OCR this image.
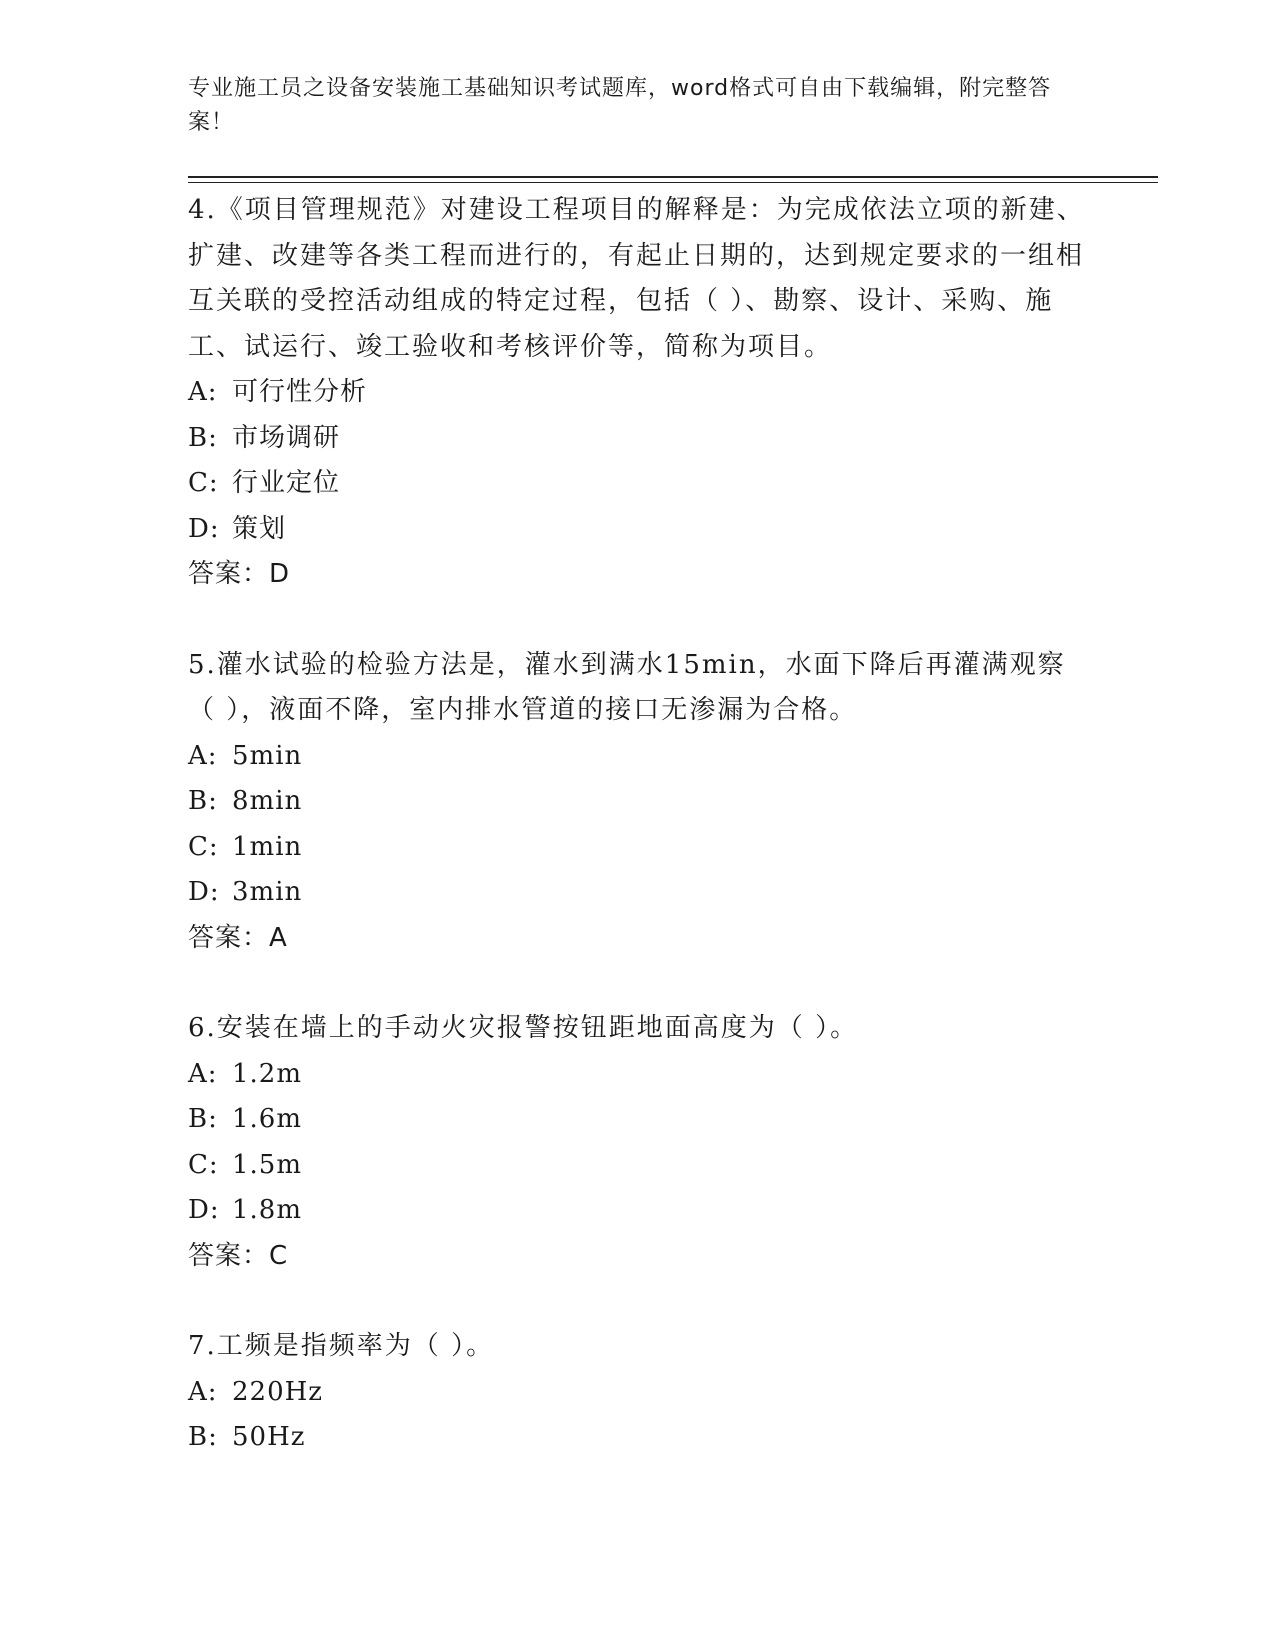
专业施工员之设备安装施工基础知识考试题库，word格式可自由下载编辑，附完整答案！

4.《项目管理规范》对建设工程项目的解释是：为完成依法立项的新建、扩建、改建等各类工程而进行的，有起止日期的，达到规定要求的一组相互关联的受控活动组成的特定过程，包括（ ）、勘察、设计、采购、施工、试运行、竣工验收和考核评价等，简称为项目。

A: 可行性分析

B: 市场调研

C: 行业定位

D: 策划

答案：D

5.灌水试验的检验方法是，灌水到满水15min，水面下降后再灌满观察（ ），液面不降，室内排水管道的接口无渗漏为合格。

A: 5min

B: 8min

C: 1min

D: 3min

答案：A

6.安装在墙上的手动火灾报警按钮距地面高度为（ ）。

A: 1.2m

B: 1.6m

C: 1.5m

D: 1.8m

答案：C

7.工频是指频率为（ ）。

A: 220Hz

B: 50Hz
